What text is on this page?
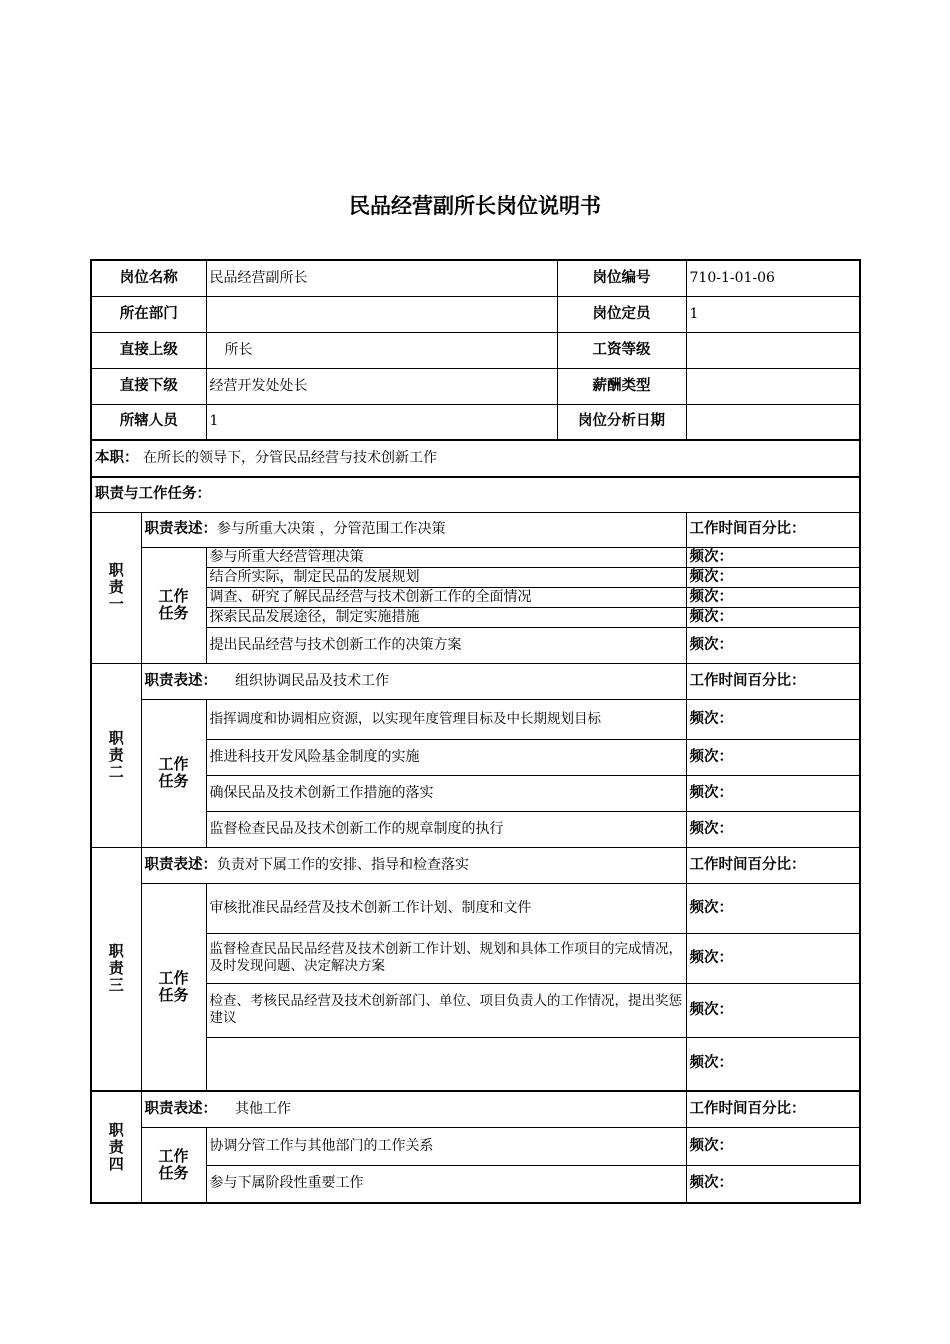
民品经营副所长岗位说明书
岗位名称		民品经营副所长	岗位编号	710-1-01-06
所在部门			岗位定员	1
直接上级		所长	工资等级	
直接下级		经营开发处处长	薪酬类型	
所辖人员		1	岗位分析日期	
本职： 在所长的领导下，分管民品经营与技术创新工作				
职责与工作任务：				
职
责
一	职责表述：参与所重大决策 ，分管范围工作决策			工作时间百分比：
	工作
任务	参与所重大经营管理决策		频次：
		结合所实际，制定民品的发展规划		频次：
		调查、研究了解民品经营与技术创新工作的全面情况		频次：
		探索民品发展途径，制定实施措施		频次：
		提出民品经营与技术创新工作的决策方案		频次：
职
责
二	职责表述： 组织协调民品及技术工作			工作时间百分比：
	工作
任务	指挥调度和协调相应资源，以实现年度管理目标及中长期规划目标		频次：
		推进科技开发风险基金制度的实施		频次：
		确保民品及技术创新工作措施的落实		频次：
		监督检查民品及技术创新工作的规章制度的执行		频次：
职
责
三	职责表述：负责对下属工作的安排、指导和检查落实			工作时间百分比：
	工作
任务	审核批准民品经营及技术创新工作计划、制度和文件		频次：
		监督检查民品民品经营及技术创新工作计划、规划和具体工作项目的完成情况，及时发现问题、决定解决方案		频次：
		检查、考核民品经营及技术创新部门、单位、项目负责人的工作情况，提出奖惩建议		频次：
				频次：
职
责
四	职责表述： 其他工作			工作时间百分比：
	工作
任务	协调分管工作与其他部门的工作关系		频次：
		参与下属阶段性重要工作		频次：
